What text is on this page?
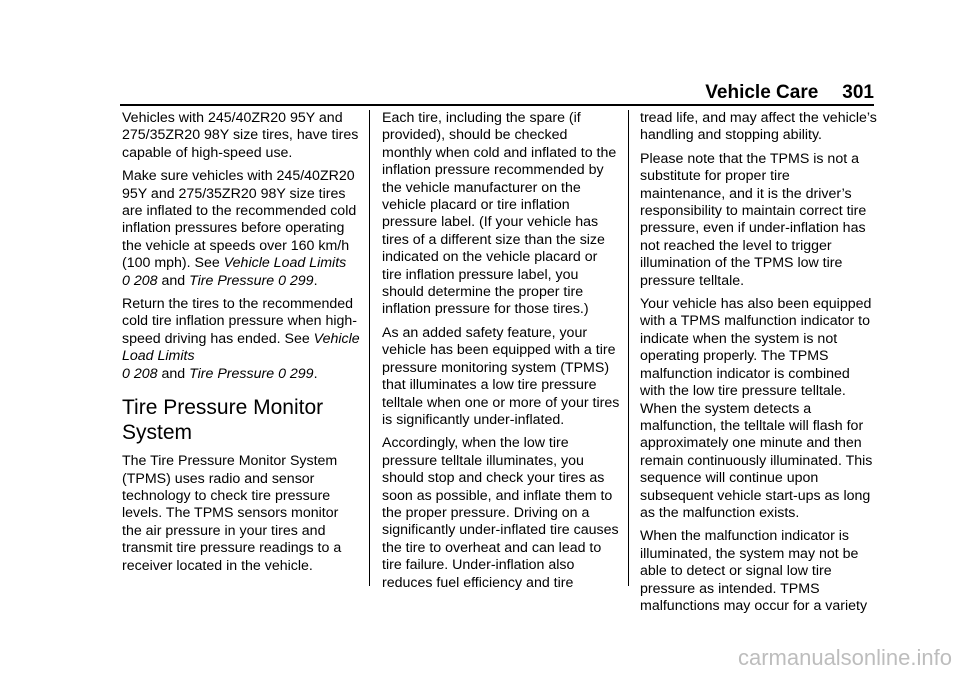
Vehicle Care 301

Vehicles with 245/40ZR20 95Y and 275/35ZR20 98Y size tires, have tires capable of high-speed use.

Make sure vehicles with 245/40ZR20 95Y and 275/35ZR20 98Y size tires are inflated to the recommended cold inflation pressures before operating the vehicle at speeds over 160 km/h (100 mph). See Vehicle Load Limits
0 208 and Tire Pressure 0 299.

Return the tires to the recommended cold tire inflation pressure when high-speed driving has ended. See Vehicle Load Limits
0 208 and Tire Pressure 0 299.

Tire Pressure Monitor System

The Tire Pressure Monitor System (TPMS) uses radio and sensor technology to check tire pressure levels. The TPMS sensors monitor the air pressure in your tires and transmit tire pressure readings to a receiver located in the vehicle.

Each tire, including the spare (if provided), should be checked monthly when cold and inflated to the inflation pressure recommended by the vehicle manufacturer on the vehicle placard or tire inflation pressure label. (If your vehicle has tires of a different size than the size indicated on the vehicle placard or tire inflation pressure label, you should determine the proper tire inflation pressure for those tires.)

As an added safety feature, your vehicle has been equipped with a tire pressure monitoring system (TPMS) that illuminates a low tire pressure telltale when one or more of your tires is significantly under-inflated.

Accordingly, when the low tire pressure telltale illuminates, you should stop and check your tires as soon as possible, and inflate them to the proper pressure. Driving on a significantly under-inflated tire causes the tire to overheat and can lead to tire failure. Under-inflation also reduces fuel efficiency and tire

tread life, and may affect the vehicle’s handling and stopping ability.

Please note that the TPMS is not a substitute for proper tire maintenance, and it is the driver’s responsibility to maintain correct tire pressure, even if under-inflation has not reached the level to trigger illumination of the TPMS low tire pressure telltale.

Your vehicle has also been equipped with a TPMS malfunction indicator to indicate when the system is not operating properly. The TPMS malfunction indicator is combined with the low tire pressure telltale. When the system detects a malfunction, the telltale will flash for approximately one minute and then remain continuously illuminated. This sequence will continue upon subsequent vehicle start-ups as long as the malfunction exists.

When the malfunction indicator is illuminated, the system may not be able to detect or signal low tire pressure as intended. TPMS malfunctions may occur for a variety

carmanualsonline.info
